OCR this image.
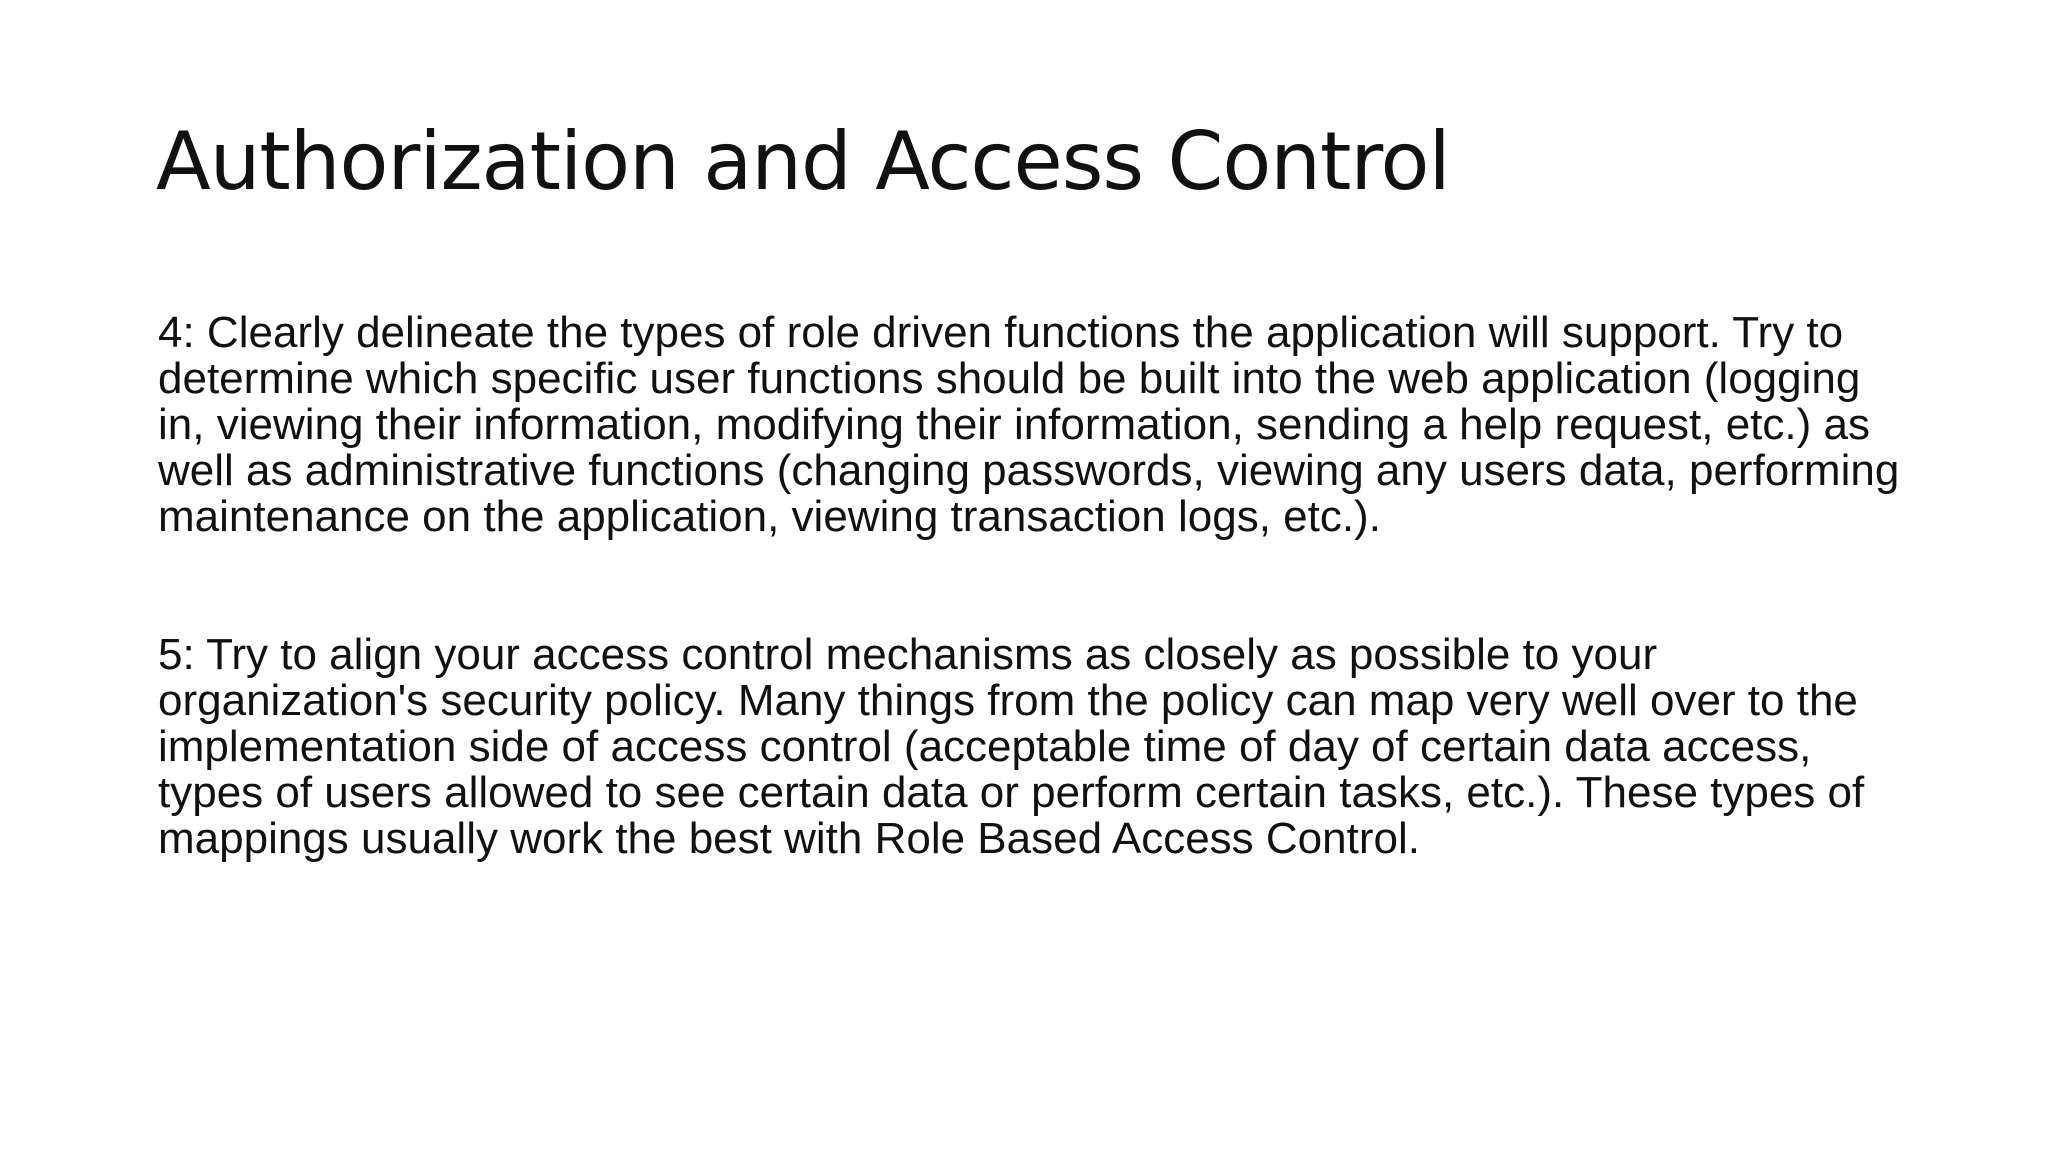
Authorization and Access Control

4: Clearly delineate the types of role driven functions the application will support. Try to determine which specific user functions should be built into the web application (logging in, viewing their information, modifying their information, sending a help request, etc.) as well as administrative functions (changing passwords, viewing any users data, performing maintenance on the application, viewing transaction logs, etc.).

5: Try to align your access control mechanisms as closely as possible to your organization's security policy. Many things from the policy can map very well over to the implementation side of access control (acceptable time of day of certain data access, types of users allowed to see certain data or perform certain tasks, etc.). These types of mappings usually work the best with Role Based Access Control.
